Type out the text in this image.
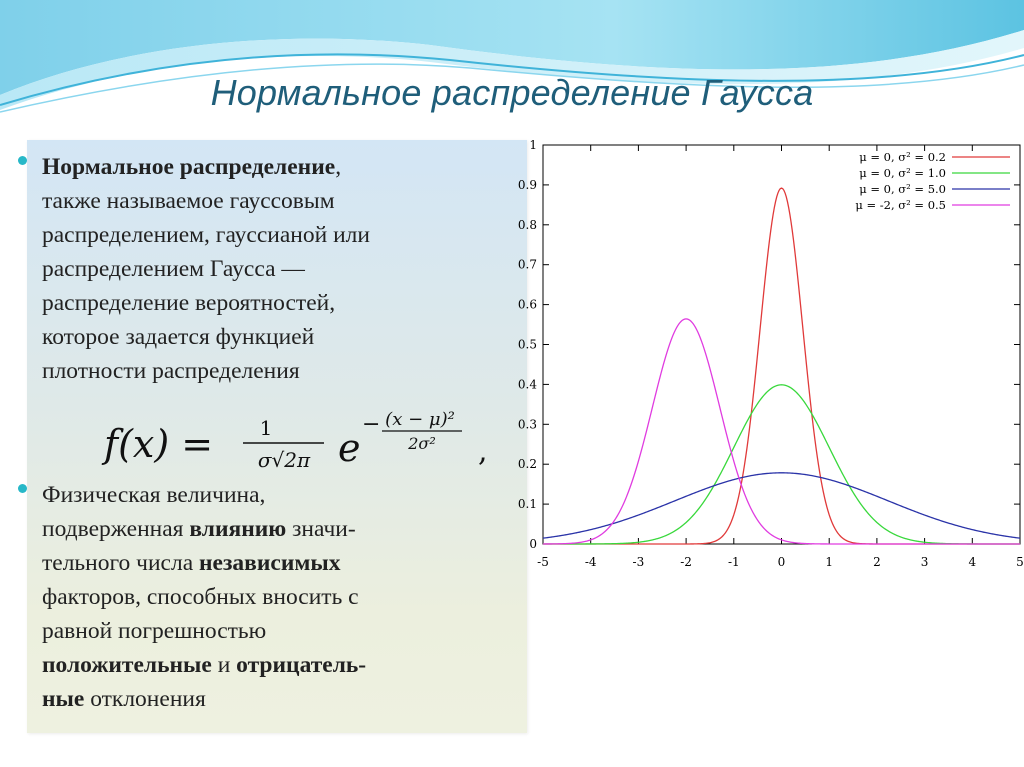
Нормальное распределение Гаусса
Нормальное распределение,
также называемое гауссовым
распределением, гауссианой или
распределением Гаусса —
распределение вероятностей,
которое задается функцией
плотности распределения
f(x) = 1
σ√2π e
− (x − μ)²
2σ² ,
Физическая величина,
подверженная влиянию значи-
тельного числа независимых
факторов, способных вносить с
равной погрешностью
положительные и отрицатель-
ные отклонения
0
0.1
0.2
0.3
0.4
0.5
0.6
0.7
0.8
0.9
1
-5	-4	-3	-2	-1	0	1	2	3	4	5
μ = 0, σ² = 0.2
μ = 0, σ² = 1.0
μ = 0, σ² = 5.0
μ = -2, σ² = 0.5
